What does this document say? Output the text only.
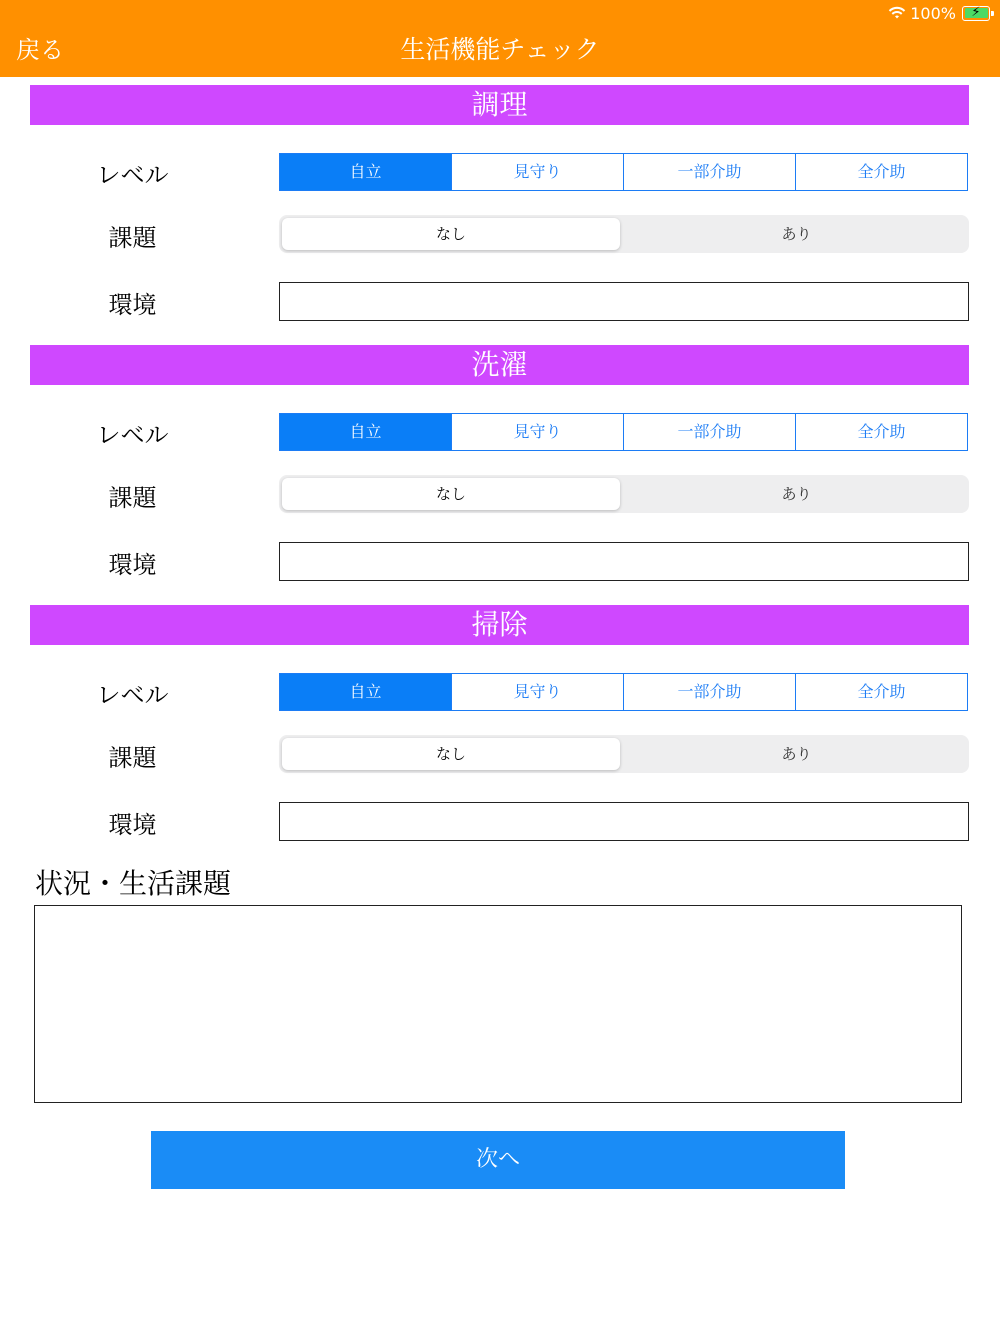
100%	⚡
戻る	生活機能チェック
調理
レベル	自立	見守り	一部介助	全介助
課題	なし	あり
環境
洗濯
レベル	自立	見守り	一部介助	全介助
課題	なし	あり
環境
掃除
レベル	自立	見守り	一部介助	全介助
課題	なし	あり
環境
状況・生活課題
次へ
